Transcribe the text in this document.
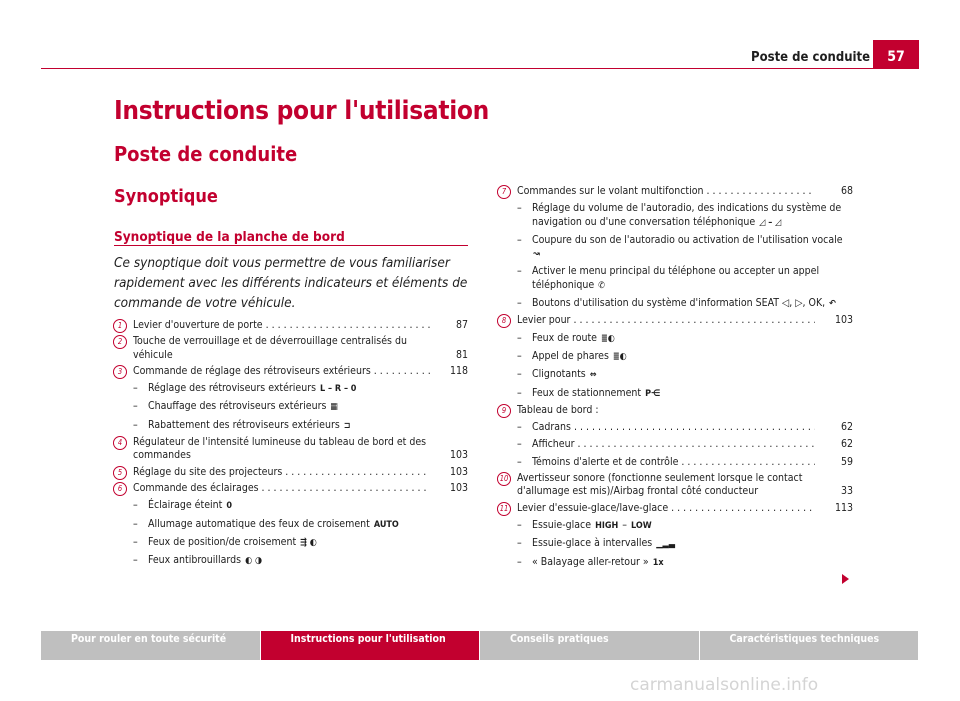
Poste de conduite	57
Instructions pour l'utilisation
Poste de conduite
Synoptique
Synoptique de la planche de bord
Ce synoptique doit vous permettre de vous familiariser rapidement avec les différents indicateurs et éléments de commande de votre véhicule.
1	Levier d'ouverture de porte . . .	87
2	Touche de verrouillage et de déverrouillage centralisés du véhicule	81
3	Commande de réglage des rétroviseurs extérieurs . . .	118
– Réglage des rétroviseurs extérieurs L – R – 0
– Chauffage des rétroviseurs extérieurs ▦
– Rabattement des rétroviseurs extérieurs ⊐
4	Régulateur de l'intensité lumineuse du tableau de bord et des commandes	103
5	Réglage du site des projecteurs . . .	103
6	Commande des éclairages . . .	103
– Éclairage éteint 0
– Allumage automatique des feux de croisement AUTO
– Feux de position/de croisement ⇶ ◐
– Feux antibrouillards ◐ ◑
7	Commandes sur le volant multifonction . . .	68
– Réglage du volume de l'autoradio, des indications du système de navigation ou d'une conversation téléphonique ◿ – ◿
– Coupure du son de l'autoradio ou activation de l'utilisation vocale ↝
– Activer le menu principal du téléphone ou accepter un appel téléphonique ✆
– Boutons d'utilisation du système d'information SEAT ◁, ▷, OK, ↶
8	Levier pour . . .	103
– Feux de route ≣◐
– Appel de phares ≣◐
– Clignotants ⇔
– Feux de stationnement P⋲
9	Tableau de bord :
– Cadrans . . .	62
– Afficheur . . .	62
– Témoins d'alerte et de contrôle . . .	59
10 Avertisseur sonore (fonctionne seulement lorsque le contact d'allumage est mis)/Airbag frontal côté conducteur	33
11 Levier d'essuie-glace/lave-glace . . .	113
– Essuie-glace HIGH – LOW
– Essuie-glace à intervalles ▁▂▃
– « Balayage aller-retour » 1x
Pour rouler en toute sécurité	Instructions pour l'utilisation	Conseils pratiques	Caractéristiques techniques
carmanualsonline.info
